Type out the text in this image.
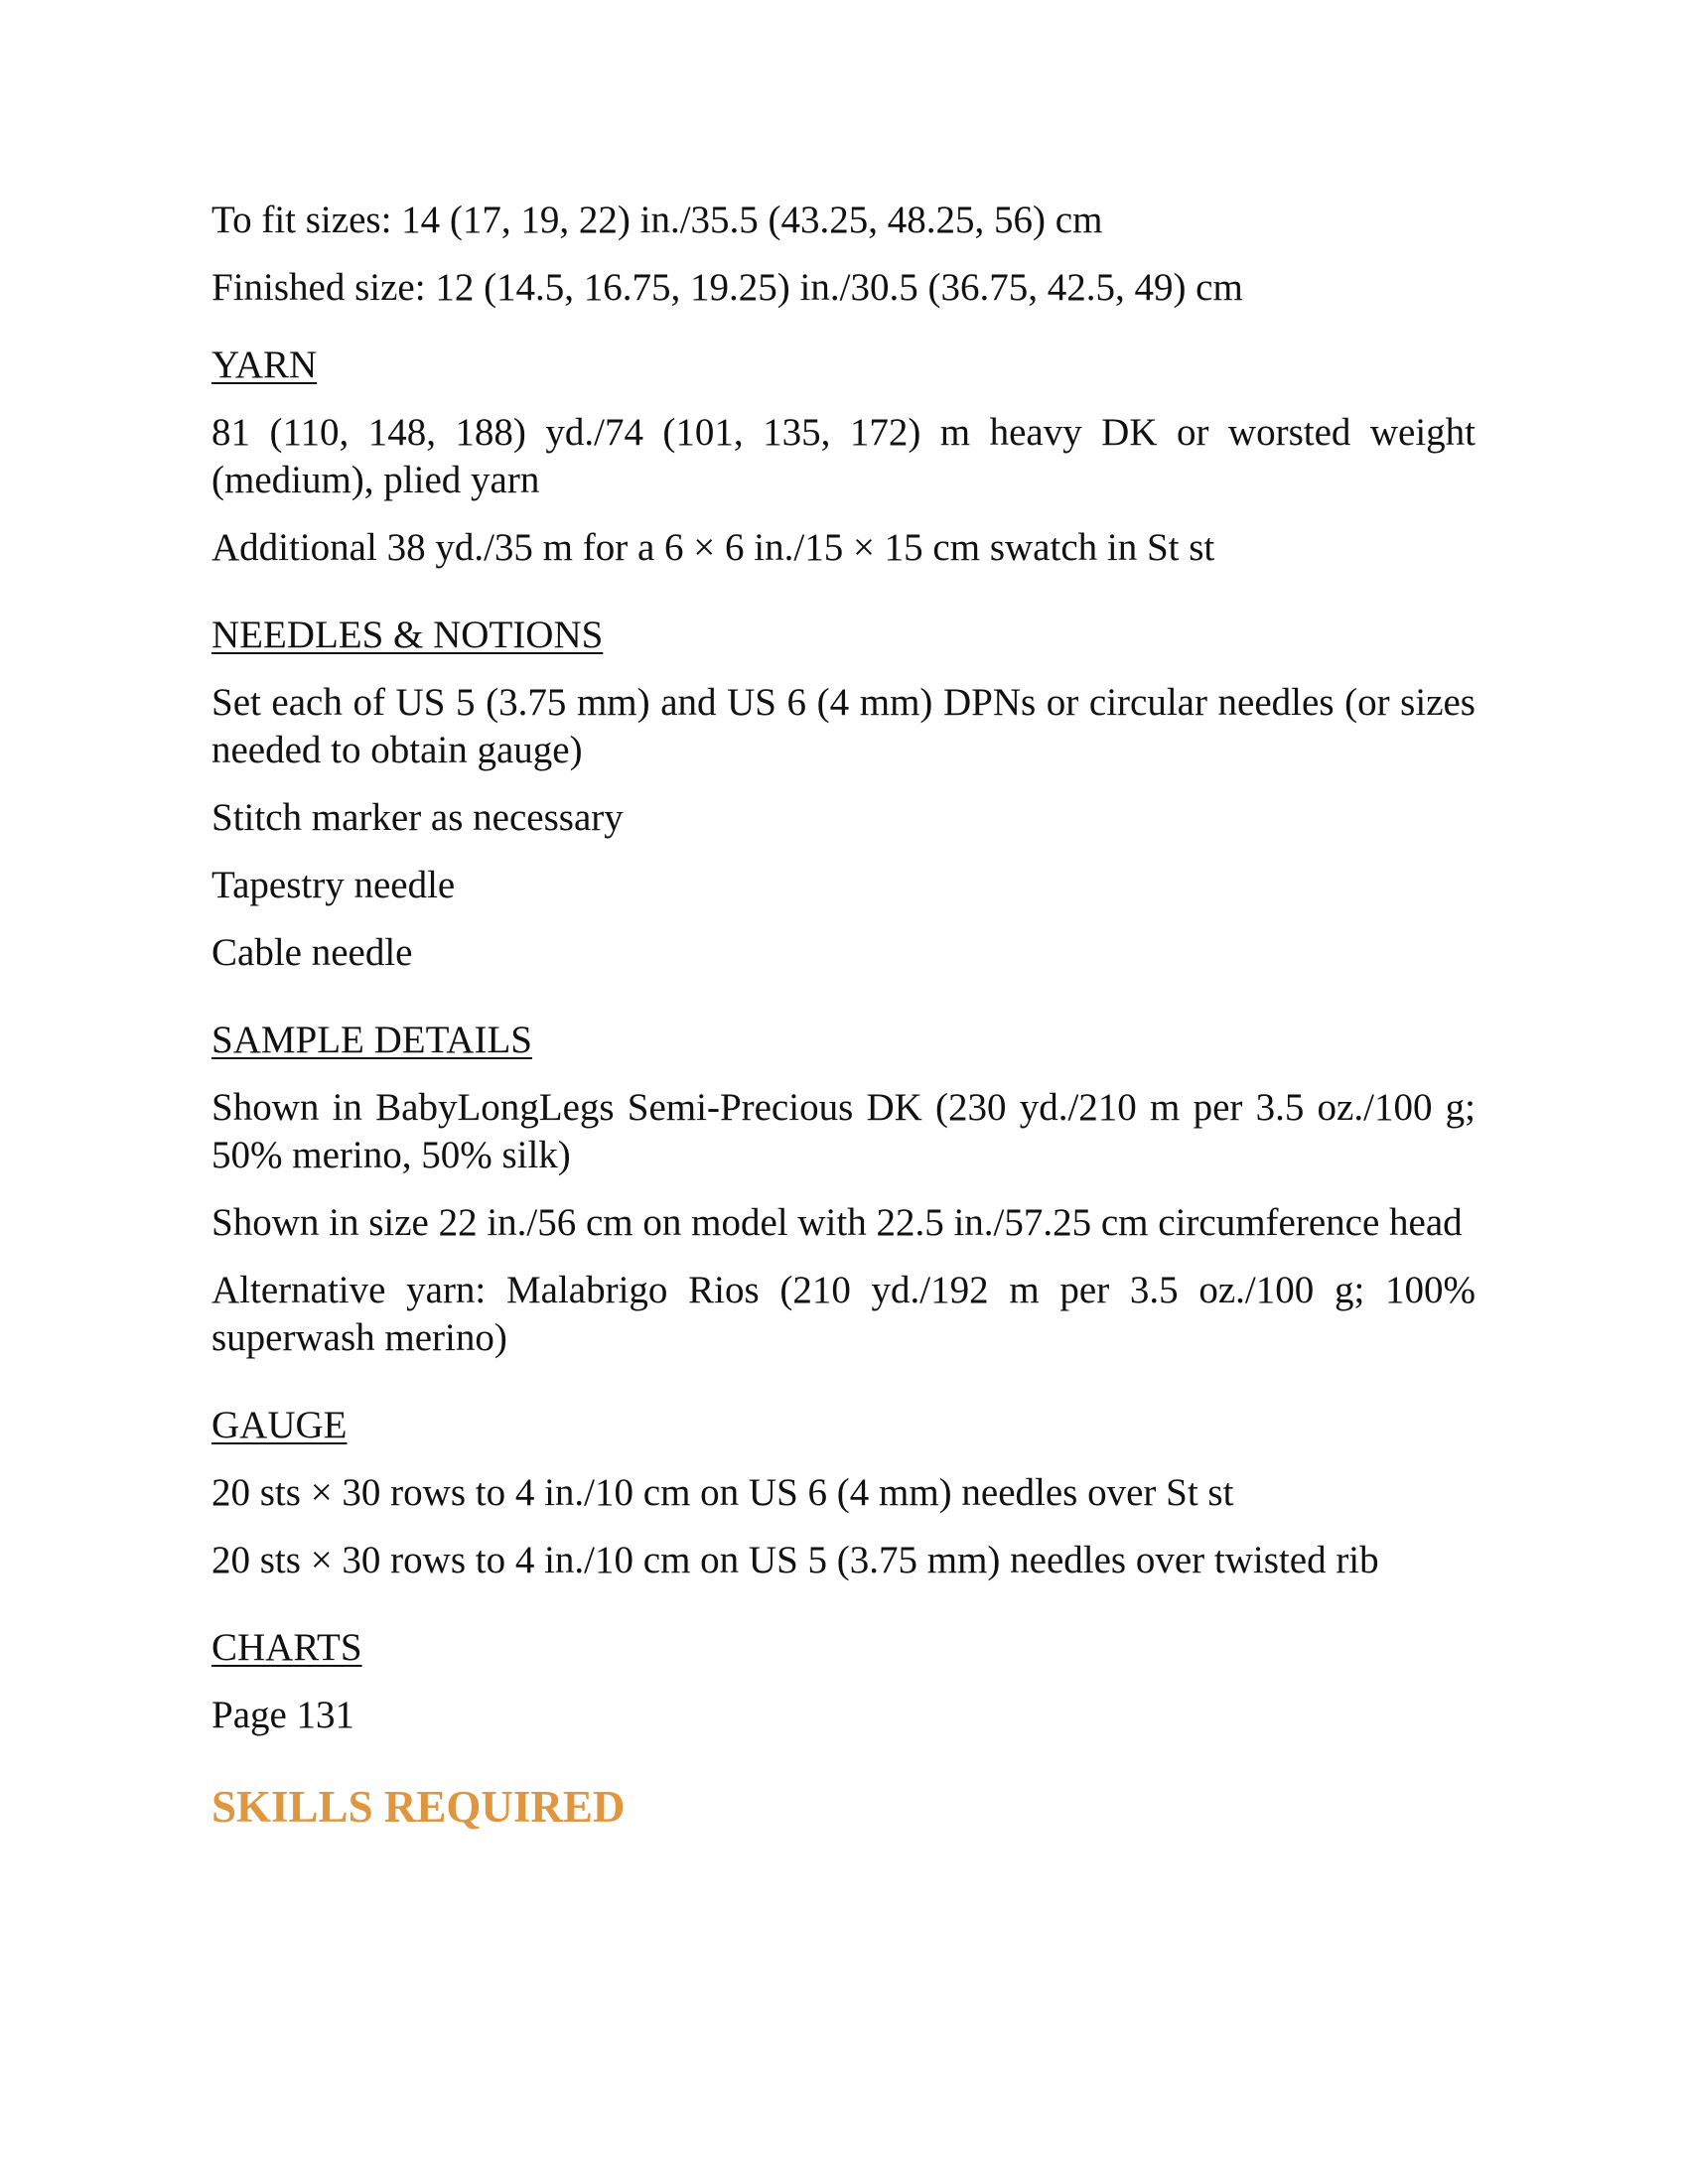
To fit sizes: 14 (17, 19, 22) in./35.5 (43.25, 48.25, 56) cm

Finished size: 12 (14.5, 16.75, 19.25) in./30.5 (36.75, 42.5, 49) cm

YARN

81 (110, 148, 188) yd./74 (101, 135, 172) m heavy DK or worsted weight (medium), plied yarn

Additional 38 yd./35 m for a 6 × 6 in./15 × 15 cm swatch in St st

NEEDLES & NOTIONS

Set each of US 5 (3.75 mm) and US 6 (4 mm) DPNs or circular needles (or sizes needed to obtain gauge)

Stitch marker as necessary

Tapestry needle

Cable needle

SAMPLE DETAILS

Shown in BabyLongLegs Semi-Precious DK (230 yd./210 m per 3.5 oz./100 g; 50% merino, 50% silk)

Shown in size 22 in./56 cm on model with 22.5 in./57.25 cm circumference head

Alternative yarn: Malabrigo Rios (210 yd./192 m per 3.5 oz./100 g; 100% superwash merino)

GAUGE

20 sts × 30 rows to 4 in./10 cm on US 6 (4 mm) needles over St st

20 sts × 30 rows to 4 in./10 cm on US 5 (3.75 mm) needles over twisted rib

CHARTS

Page 131

SKILLS REQUIRED
